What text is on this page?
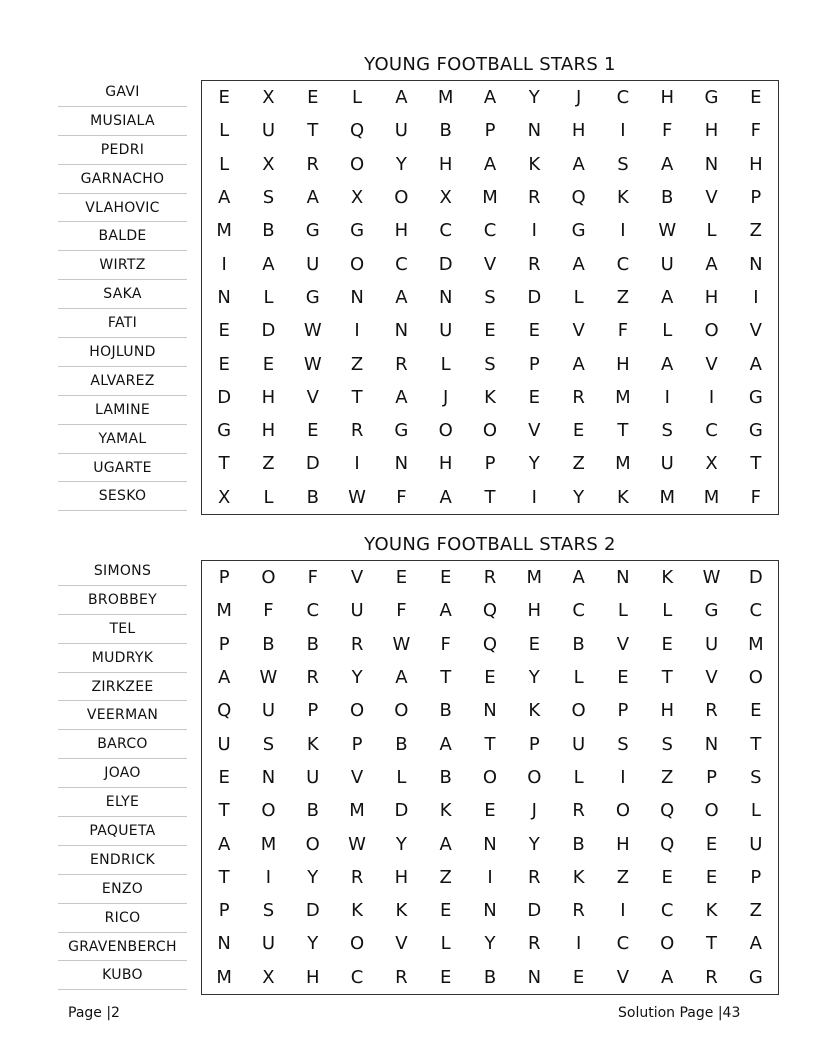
YOUNG FOOTBALL STARS 1
GAVI
MUSIALA
PEDRI
GARNACHO
VLAHOVIC
BALDE
WIRTZ
SAKA
FATI
HOJLUND
ALVAREZ
LAMINE
YAMAL
UGARTE
SESKO
E	X	E	L	A	M	A	Y	J	C	H	G	E
L	U	T	Q	U	B	P	N	H	I	F	H	F
L	X	R	O	Y	H	A	K	A	S	A	N	H
A	S	A	X	O	X	M	R	Q	K	B	V	P
M	B	G	G	H	C	C	I	G	I	W	L	Z
I	A	U	O	C	D	V	R	A	C	U	A	N
N	L	G	N	A	N	S	D	L	Z	A	H	I
E	D	W	I	N	U	E	E	V	F	L	O	V
E	E	W	Z	R	L	S	P	A	H	A	V	A
D	H	V	T	A	J	K	E	R	M	I	I	G
G	H	E	R	G	O	O	V	E	T	S	C	G
T	Z	D	I	N	H	P	Y	Z	M	U	X	T
X	L	B	W	F	A	T	I	Y	K	M	M	F
YOUNG FOOTBALL STARS 2
SIMONS
BROBBEY
TEL
MUDRYK
ZIRKZEE
VEERMAN
BARCO
JOAO
ELYE
PAQUETA
ENDRICK
ENZO
RICO
GRAVENBERCH
KUBO
P	O	F	V	E	E	R	M	A	N	K	W	D
M	F	C	U	F	A	Q	H	C	L	L	G	C
P	B	B	R	W	F	Q	E	B	V	E	U	M
A	W	R	Y	A	T	E	Y	L	E	T	V	O
Q	U	P	O	O	B	N	K	O	P	H	R	E
U	S	K	P	B	A	T	P	U	S	S	N	T
E	N	U	V	L	B	O	O	L	I	Z	P	S
T	O	B	M	D	K	E	J	R	O	Q	O	L
A	M	O	W	Y	A	N	Y	B	H	Q	E	U
T	I	Y	R	H	Z	I	R	K	Z	E	E	P
P	S	D	K	K	E	N	D	R	I	C	K	Z
N	U	Y	O	V	L	Y	R	I	C	O	T	A
M	X	H	C	R	E	B	N	E	V	A	R	G
Page |2	Solution Page |43
